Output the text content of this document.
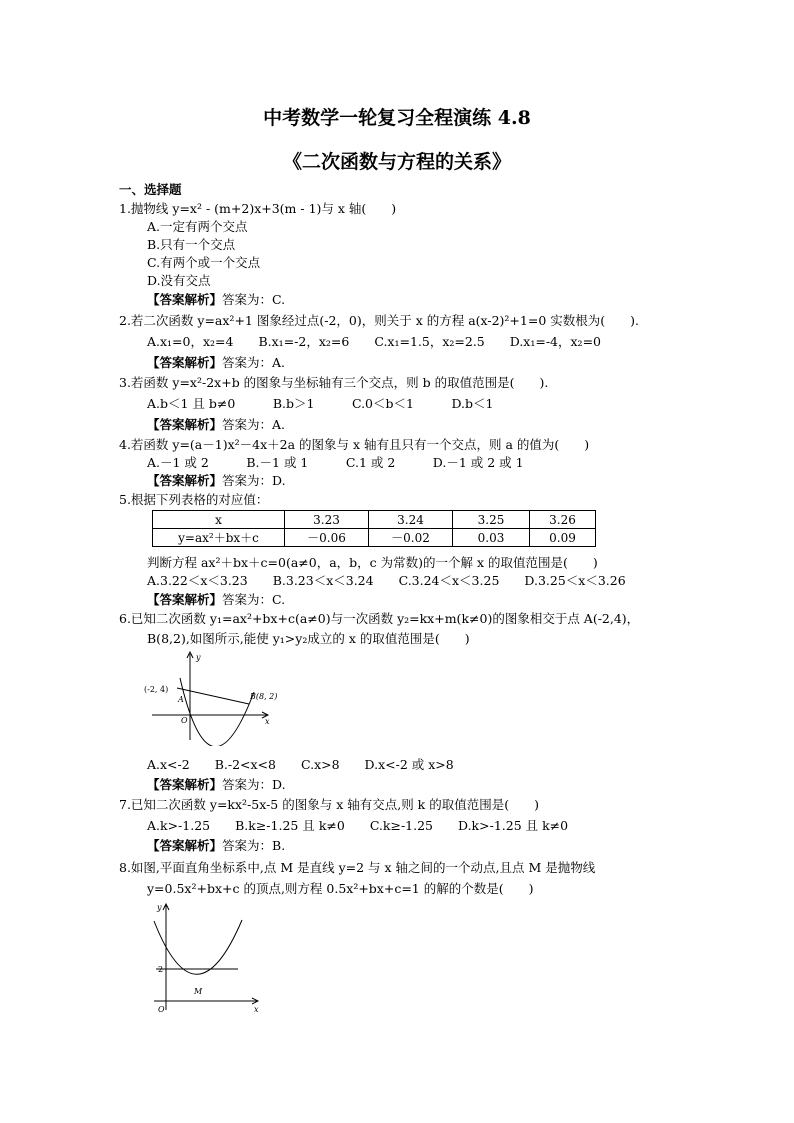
中考数学一轮复习全程演练 4.8
《二次函数与方程的关系》
一、选择题
1.抛物线 y=x² - (m+2)x+3(m - 1)与 x 轴(　　)
A.一定有两个交点
B.只有一个交点
C.有两个或一个交点
D.没有交点
【答案解析】答案为：C.
2.若二次函数 y=ax²+1 图象经过点(-2，0)，则关于 x 的方程 a(x-2)²+1=0 实数根为(　　).
A.x₁=0，x₂=4　　B.x₁=-2，x₂=6　　C.x₁=1.5，x₂=2.5　　D.x₁=-4，x₂=0
【答案解析】答案为：A.
3.若函数 y=x²-2x+b 的图象与坐标轴有三个交点，则 b 的取值范围是(　　).
A.b＜1 且 b≠0　　　B.b＞1　　　C.0＜b＜1　　　D.b＜1
【答案解析】答案为：A.
4.若函数 y=(a－1)x²－4x＋2a 的图象与 x 轴有且只有一个交点，则 a 的值为(　　)
A.－1 或 2　　　B.－1 或 1　　　C.1 或 2　　　D.－1 或 2 或 1
【答案解析】答案为：D.
5.根据下列表格的对应值：
x	3.23	3.24	3.25	3.26
y=ax²＋bx＋c	－0.06	－0.02	0.03	0.09
判断方程 ax²＋bx＋c=0(a≠0，a，b，c 为常数)的一个解 x 的取值范围是(　　)
A.3.22＜x＜3.23　　B.3.23＜x＜3.24　　C.3.24＜x＜3.25　　D.3.25＜x＜3.26
【答案解析】答案为：C.
6.已知二次函数 y₁=ax²+bx+c(a≠0)与一次函数 y₂=kx+m(k≠0)的图象相交于点 A(-2,4)，
B(8,2),如图所示,能使 y₁>y₂成立的 x 的取值范围是(　　)
(-2, 4)
A	B(8, 2)
O
y
x
A.x<-2　　B.-2<x<8　　C.x>8　　D.x<-2 或 x>8
【答案解析】答案为：D.
7.已知二次函数 y=kx²-5x-5 的图象与 x 轴有交点,则 k 的取值范围是(　　)
A.k>-1.25　　B.k≥-1.25 且 k≠0　　C.k≥-1.25　　D.k>-1.25 且 k≠0
【答案解析】答案为：B.
8.如图,平面直角坐标系中,点 M 是直线 y=2 与 x 轴之间的一个动点,且点 M 是抛物线
y=0.5x²+bx+c 的顶点,则方程 0.5x²+bx+c=1 的解的个数是(　　)
y
2
O
M
x
